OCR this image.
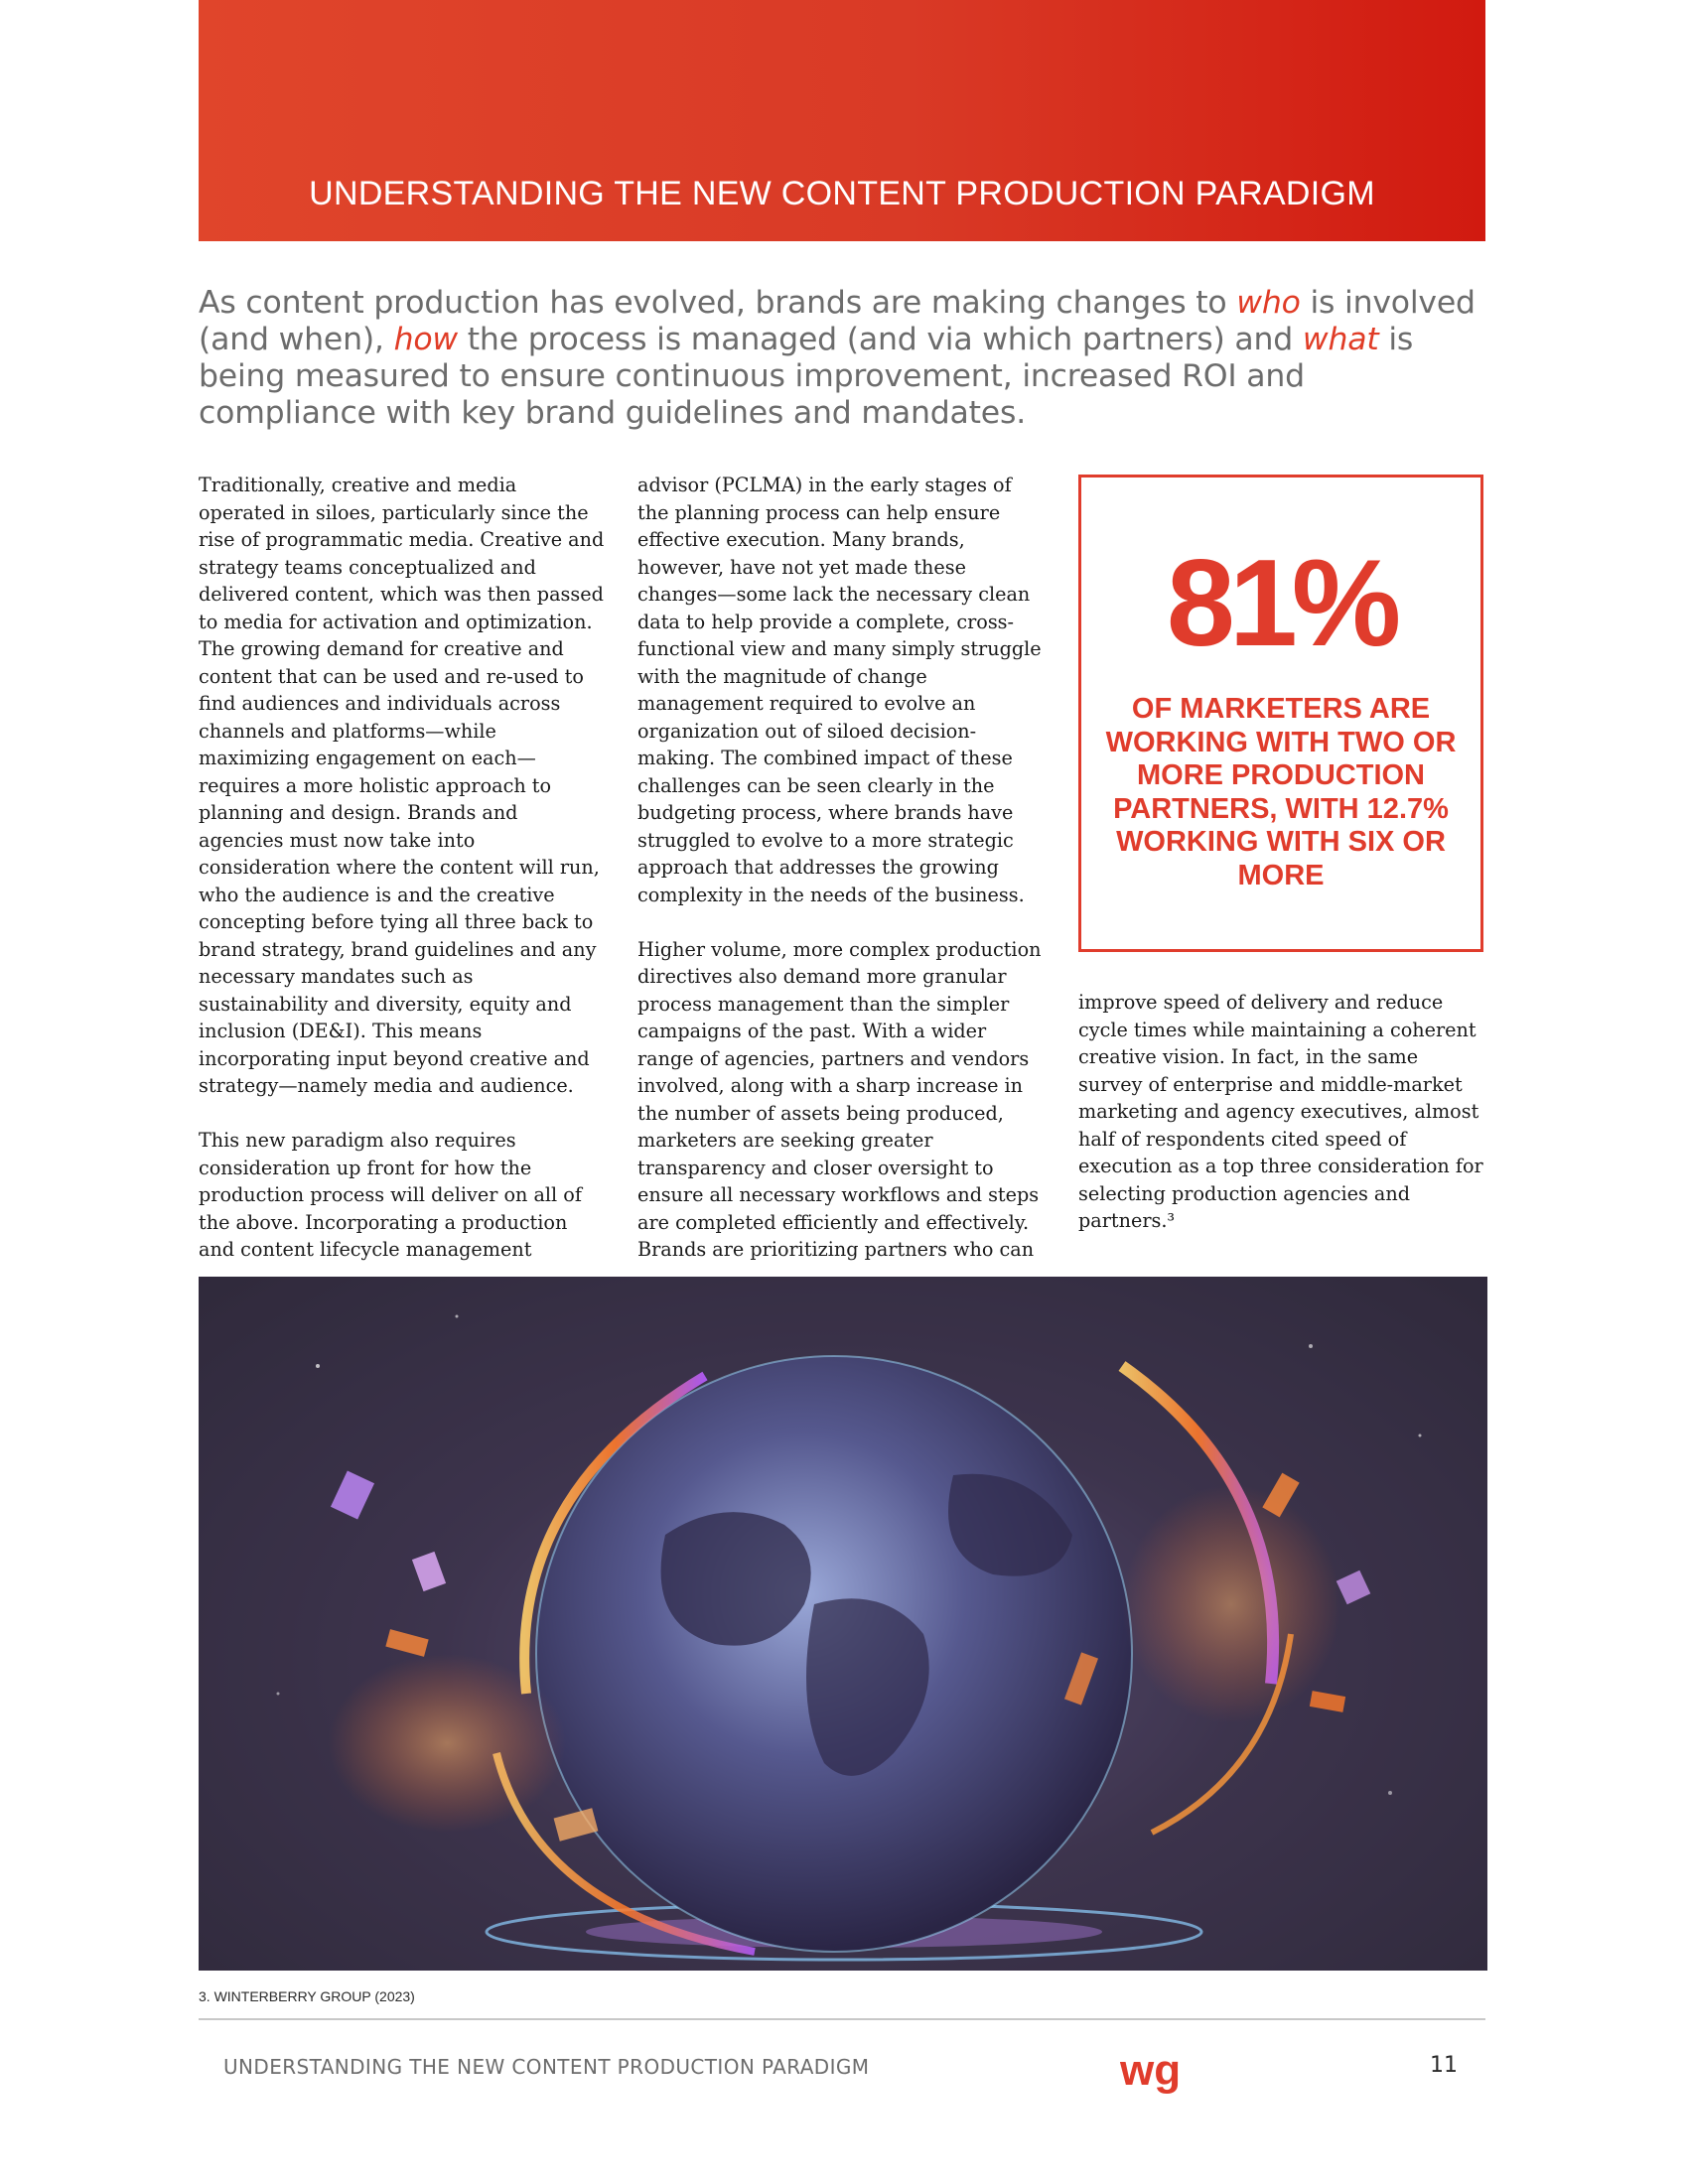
UNDERSTANDING THE NEW CONTENT PRODUCTION PARADIGM
As content production has evolved, brands are making changes to who is involved (and when), how the process is managed (and via which partners) and what is being measured to ensure continuous improvement, increased ROI and compliance with key brand guidelines and mandates.

Traditionally, creative and media operated in siloes, particularly since the rise of programmatic media. Creative and strategy teams conceptualized and delivered content, which was then passed to media for activation and optimization. The growing demand for creative and content that can be used and re-used to find audiences and individuals across channels and platforms—while maximizing engagement on each—requires a more holistic approach to planning and design. Brands and agencies must now take into consideration where the content will run, who the audience is and the creative concepting before tying all three back to brand strategy, brand guidelines and any necessary mandates such as sustainability and diversity, equity and inclusion (DE&I). This means incorporating input beyond creative and strategy—namely media and audience.

This new paradigm also requires consideration up front for how the production process will deliver on all of the above. Incorporating a production and content lifecycle management

advisor (PCLMA) in the early stages of the planning process can help ensure effective execution. Many brands, however, have not yet made these changes—some lack the necessary clean data to help provide a complete, cross-functional view and many simply struggle with the magnitude of change management required to evolve an organization out of siloed decision-making. The combined impact of these challenges can be seen clearly in the budgeting process, where brands have struggled to evolve to a more strategic approach that addresses the growing complexity in the needs of the business.

Higher volume, more complex production directives also demand more granular process management than the simpler campaigns of the past. With a wider range of agencies, partners and vendors involved, along with a sharp increase in the number of assets being produced, marketers are seeking greater transparency and closer oversight to ensure all necessary workflows and steps are completed efficiently and effectively. Brands are prioritizing partners who can

81%
OF MARKETERS ARE WORKING WITH TWO OR MORE PRODUCTION PARTNERS, WITH 12.7% WORKING WITH SIX OR MORE

improve speed of delivery and reduce cycle times while maintaining a coherent creative vision. In fact, in the same survey of enterprise and middle-market marketing and agency executives, almost half of respondents cited speed of execution as a top three consideration for selecting production agencies and partners.³

3. WINTERBERRY GROUP (2023)
UNDERSTANDING THE NEW CONTENT PRODUCTION PARADIGM	wg	11
